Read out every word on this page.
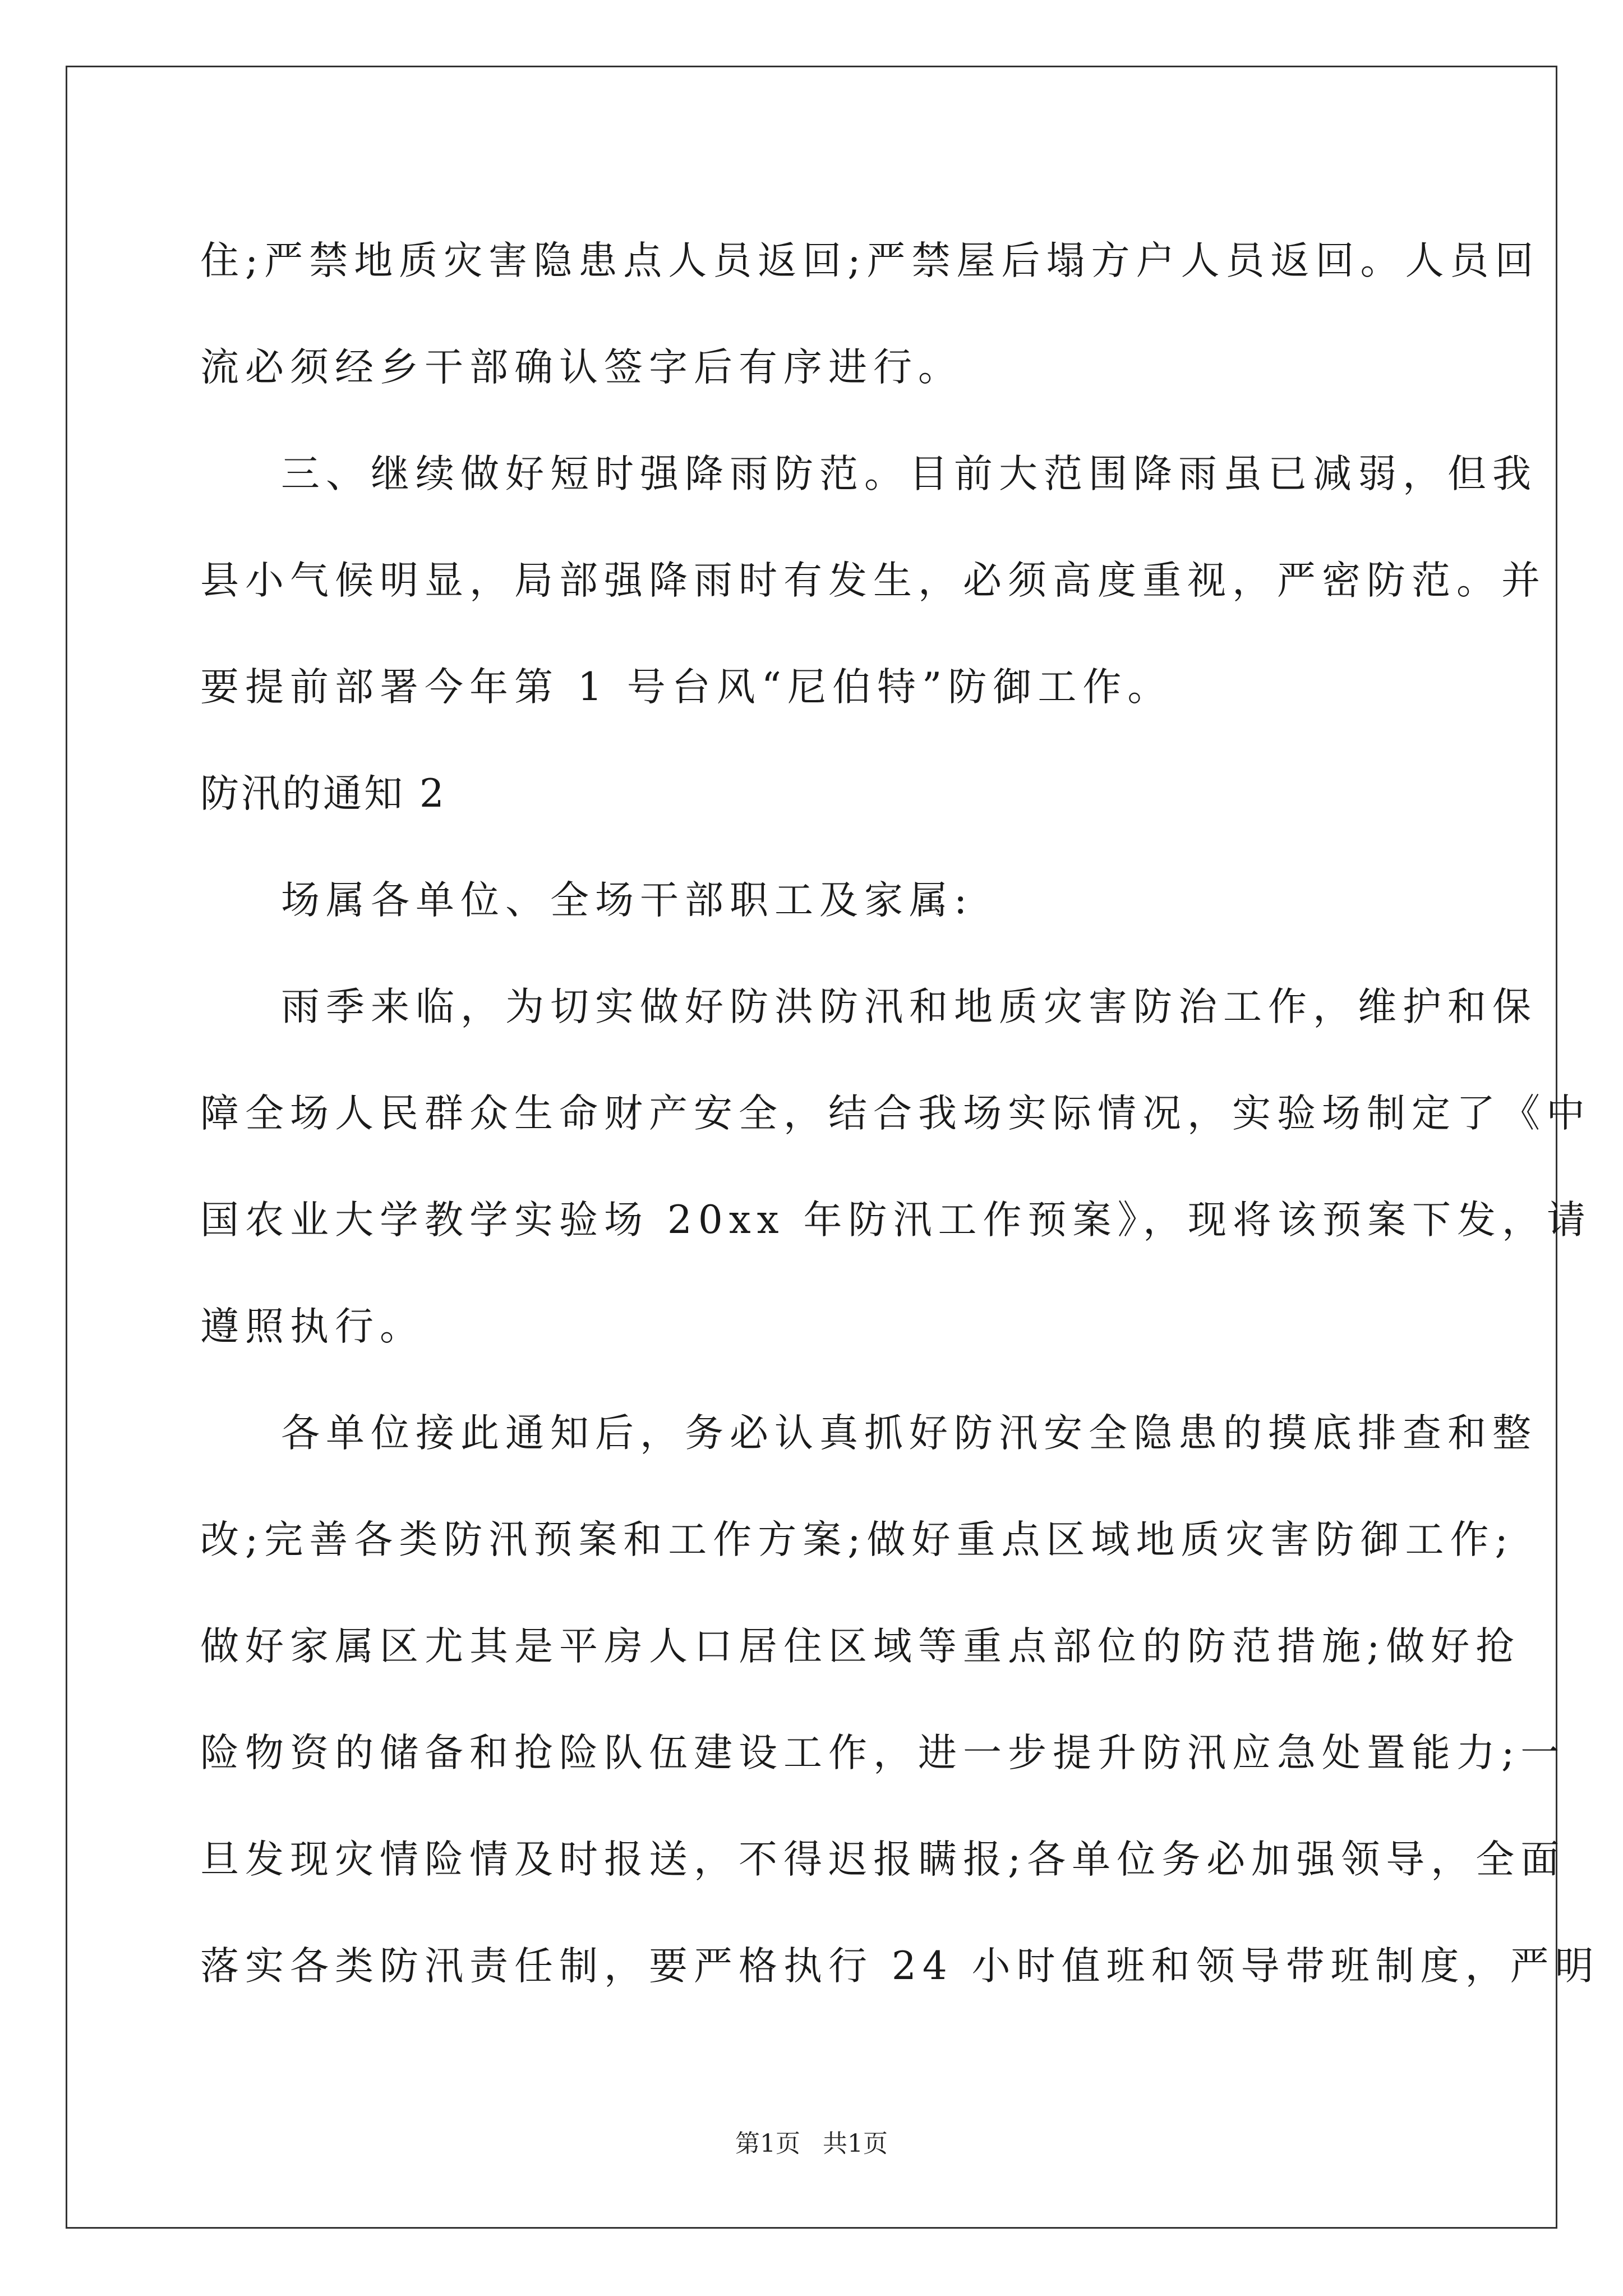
住;严禁地质灾害隐患点人员返回;严禁屋后塌方户人员返回。人员回
流必须经乡干部确认签字后有序进行。
三、继续做好短时强降雨防范。目前大范围降雨虽已减弱，但我
县小气候明显，局部强降雨时有发生，必须高度重视，严密防范。并
要提前部署今年第 1 号台风“尼伯特”防御工作。
防汛的通知 2
场属各单位、全场干部职工及家属:
雨季来临，为切实做好防洪防汛和地质灾害防治工作，维护和保
障全场人民群众生命财产安全，结合我场实际情况，实验场制定了《中
国农业大学教学实验场 20xx 年防汛工作预案》，现将该预案下发，请
遵照执行。
各单位接此通知后，务必认真抓好防汛安全隐患的摸底排查和整
改;完善各类防汛预案和工作方案;做好重点区域地质灾害防御工作;
做好家属区尤其是平房人口居住区域等重点部位的防范措施;做好抢
险物资的储备和抢险队伍建设工作，进一步提升防汛应急处置能力;一
旦发现灾情险情及时报送，不得迟报瞒报;各单位务必加强领导，全面
落实各类防汛责任制，要严格执行 24 小时值班和领导带班制度，严明
第1页 共1页
